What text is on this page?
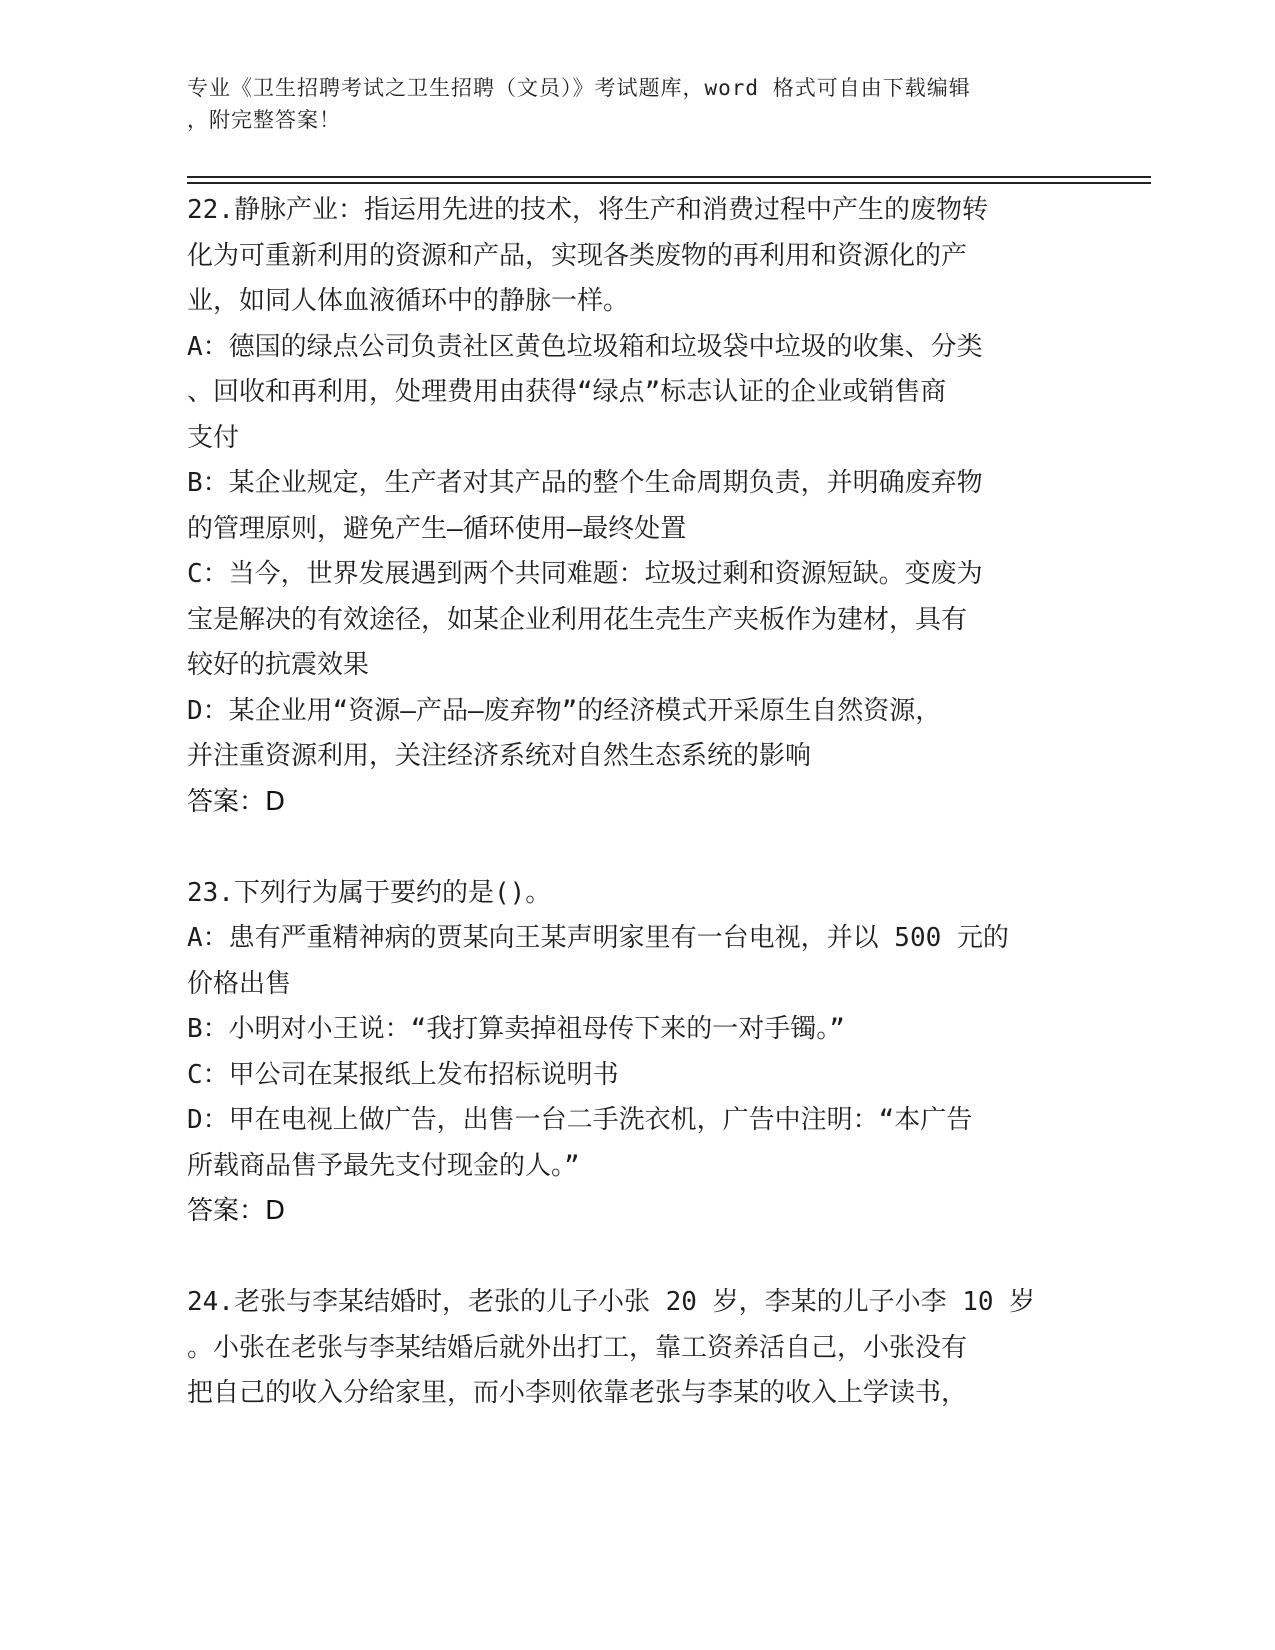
专业《卫生招聘考试之卫生招聘（文员）》考试题库，word 格式可自由下载编辑
，附完整答案！
22.静脉产业：指运用先进的技术，将生产和消费过程中产生的废物转
化为可重新利用的资源和产品，实现各类废物的再利用和资源化的产
业，如同人体血液循环中的静脉一样。
A：德国的绿点公司负责社区黄色垃圾箱和垃圾袋中垃圾的收集、分类
、回收和再利用，处理费用由获得“绿点”标志认证的企业或销售商
支付
B：某企业规定，生产者对其产品的整个生命周期负责，并明确废弃物
的管理原则，避免产生—循环使用—最终处置
C：当今，世界发展遇到两个共同难题：垃圾过剩和资源短缺。变废为
宝是解决的有效途径，如某企业利用花生壳生产夹板作为建材，具有
较好的抗震效果
D：某企业用“资源—产品—废弃物”的经济模式开采原生自然资源，
并注重资源利用，关注经济系统对自然生态系统的影响
答案：D
23.下列行为属于要约的是()。
A：患有严重精神病的贾某向王某声明家里有一台电视，并以 500 元的
价格出售
B：小明对小王说：“我打算卖掉祖母传下来的一对手镯。”
C：甲公司在某报纸上发布招标说明书
D：甲在电视上做广告，出售一台二手洗衣机，广告中注明：“本广告
所载商品售予最先支付现金的人。”
答案：D
24.老张与李某结婚时，老张的儿子小张 20 岁，李某的儿子小李 10 岁
。小张在老张与李某结婚后就外出打工，靠工资养活自己，小张没有
把自己的收入分给家里，而小李则依靠老张与李某的收入上学读书，
